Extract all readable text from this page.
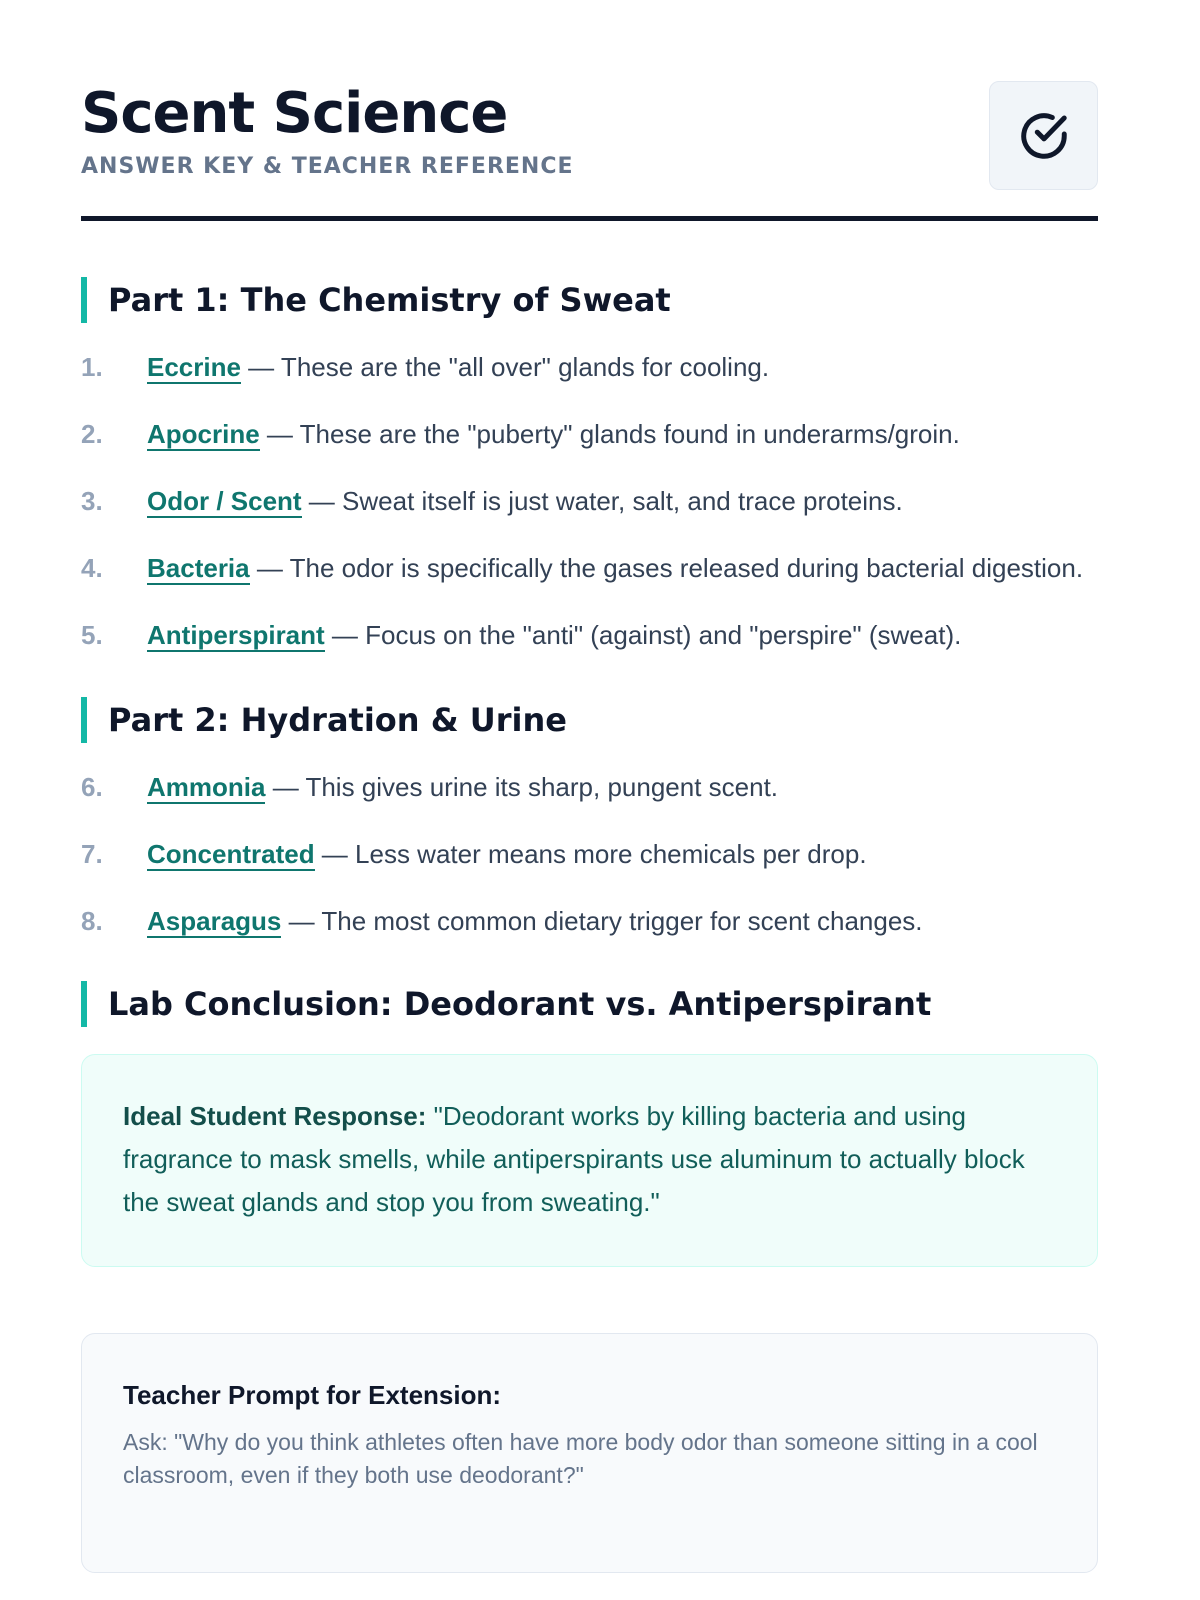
Scent Science
ANSWER KEY & TEACHER REFERENCE
Part 1: The Chemistry of Sweat
1.	Eccrine — These are the "all over" glands for cooling.
2.	Apocrine — These are the "puberty" glands found in underarms/groin.
3.	Odor / Scent — Sweat itself is just water, salt, and trace proteins.
4.	Bacteria — The odor is specifically the gases released during bacterial digestion.
5.	Antiperspirant — Focus on the "anti" (against) and "perspire" (sweat).
Part 2: Hydration & Urine
6.	Ammonia — This gives urine its sharp, pungent scent.
7.	Concentrated — Less water means more chemicals per drop.
8.	Asparagus — The most common dietary trigger for scent changes.
Lab Conclusion: Deodorant vs. Antiperspirant
Ideal Student Response: "Deodorant works by killing bacteria and using fragrance to mask smells, while antiperspirants use aluminum to actually block the sweat glands and stop you from sweating."
Teacher Prompt for Extension:
Ask: "Why do you think athletes often have more body odor than someone sitting in a cool classroom, even if they both use deodorant?"
